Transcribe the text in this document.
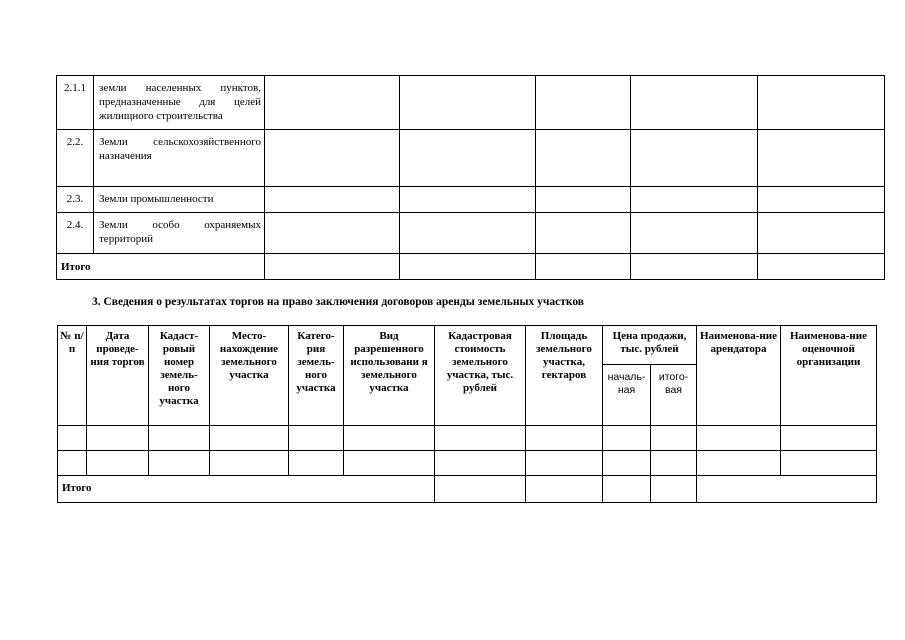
2.1.1	земли населенных пунктов, предназначенные для целей жилищного строительства					
2.2.	Земли сельскохозяйственного назначения					
2.3.	Земли промышленности					
2.4.	Земли особо охраняемых территорий					
Итого						
3. Сведения о результатах торгов на право заключения договоров аренды земельных участков
№ п/п	Дата проведе-ния торгов	Кадаст-ровый номер земель-ного участка	Место-нахождение земельного участка	Катего-рия земель-ного участка	Вид разрешенного использовани я земельного участка	Кадастровая стоимость земельного участка, тыс. рублей	Площадь земельного участка, гектаров	Цена продажи, тыс. рублей		Наименова-ние арендатора	Наименова-ние оценочной организации
								началь-ная	итого-вая		

Итого											
